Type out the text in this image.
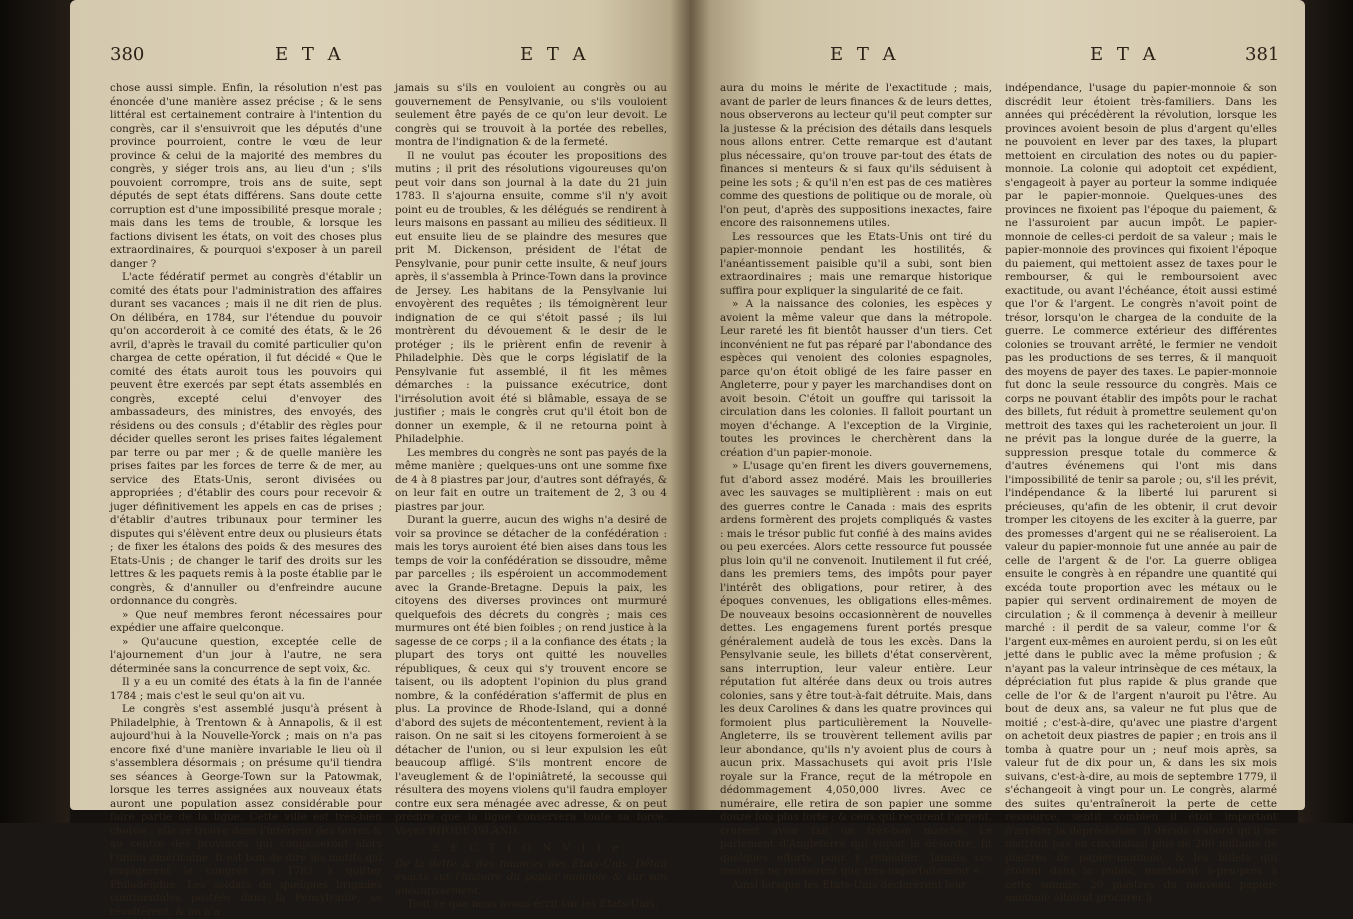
380	E T A	E T A

chose aussi simple. Enfin, la résolution n'est pas énoncée d'une manière assez précise ; & le sens littéral est certainement contraire à l'intention du congrès, car il s'ensuivroit que les députés d'une province pourroient, contre le vœu de leur province & celui de la majorité des membres du congrès, y siéger trois ans, au lieu d'un ; s'ils pouvoient corrompre, trois ans de suite, sept députés de sept états différens. Sans doute cette corruption est d'une impossibilité presque morale ; mais dans les tems de trouble, & lorsque les factions divisent les états, on voit des choses plus extraordinaires, & pourquoi s'exposer à un pareil danger ?

L'acte fédératif permet au congrès d'établir un comité des états pour l'administration des affaires durant ses vacances ; mais il ne dit rien de plus. On délibéra, en 1784, sur l'étendue du pouvoir qu'on accorderoit à ce comité des états, & le 26 avril, d'après le travail du comité particulier qu'on chargea de cette opération, il fut décidé « Que le comité des états auroit tous les pouvoirs qui peuvent être exercés par sept états assemblés en congrès, excepté celui d'envoyer des ambassadeurs, des ministres, des envoyés, des résidens ou des consuls ; d'établir des règles pour décider quelles seront les prises faites légalement par terre ou par mer ; & de quelle manière les prises faites par les forces de terre & de mer, au service des Etats-Unis, seront divisées ou appropriées ; d'établir des cours pour recevoir & juger définitivement les appels en cas de prises ; d'établir d'autres tribunaux pour terminer les disputes qui s'élèvent entre deux ou plusieurs états ; de fixer les étalons des poids & des mesures des Etats-Unis ; de changer le tarif des droits sur les lettres & les paquets remis à la poste établie par le congrès, & d'annuller ou d'enfreindre aucune ordonnance du congrès.

» Que neuf membres feront nécessaires pour expédier une affaire quelconque.

» Qu'aucune question, exceptée celle de l'ajournement d'un jour à l'autre, ne sera déterminée sans la concurrence de sept voix, &c.

Il y a eu un comité des états à la fin de l'année 1784 ; mais c'est le seul qu'on ait vu.

Le congrès s'est assemblé jusqu'à présent à Philadelphie, à Trentown & à Annapolis, & il est aujourd'hui à la Nouvelle-Yorck ; mais on n'a pas encore fixé d'une manière invariable le lieu où il s'assemblera désormais ; on présume qu'il tiendra ses séances à George-Town sur la Patowmak, lorsque les terres assignées aux nouveaux états auront une population assez considérable pour faire partie de la ligue. Cette ville est très-bien choisie : elle se trouve dans l'intérieur des terres & au centre des provinces qui composeront alors l'union américaine. Il est bon de dire les motifs qui engagèrent le congrès en 1783 à quitter Philadelphie. Les soldats de quelques brigades continentales postées dans la Pensylvanie, se révoltèrent, & on n'a

jamais su s'ils en vouloient au congrès ou au gouvernement de Pensylvanie, ou s'ils vouloient seulement être payés de ce qu'on leur devoit. Le congrès qui se trouvoit à la portée des rebelles, montra de l'indignation & de la fermeté.

Il ne voulut pas écouter les propositions des mutins ; il prit des résolutions vigoureuses qu'on peut voir dans son journal à la date du 21 juin 1783. Il s'ajourna ensuite, comme s'il n'y avoit point eu de troubles, & les délégués se rendirent à leurs maisons en passant au milieu des séditieux. Il eut ensuite lieu de se plaindre des mesures que prit M. Dickenson, président de l'état de Pensylvanie, pour punir cette insulte, & neuf jours après, il s'assembla à Prince-Town dans la province de Jersey. Les habitans de la Pensylvanie lui envoyèrent des requêtes ; ils témoignèrent leur indignation de ce qui s'étoit passé ; ils lui montrèrent du dévouement & le desir de le protéger ; ils le prièrent enfin de revenir à Philadelphie. Dès que le corps législatif de la Pensylvanie fut assemblé, il fit les mêmes démarches : la puissance exécutrice, dont l'irrésolution avoit été si blâmable, essaya de se justifier ; mais le congrès crut qu'il étoit bon de donner un exemple, & il ne retourna point à Philadelphie.

Les membres du congrès ne sont pas payés de la même manière ; quelques-uns ont une somme fixe de 4 à 8 piastres par jour, d'autres sont défrayés, & on leur fait en outre un traitement de 2, 3 ou 4 piastres par jour.

Durant la guerre, aucun des wighs n'a desiré de voir sa province se détacher de la confédération : mais les torys auroient été bien aises dans tous les temps de voir la confédération se dissoudre, même par parcelles ; ils espéroient un accommodement avec la Grande-Bretagne. Depuis la paix, les citoyens des diverses provinces ont murmuré quelquefois des décrets du congrès ; mais ces murmures ont été bien foibles ; on rend justice à la sagesse de ce corps ; il a la confiance des états ; la plupart des torys ont quitté les nouvelles républiques, & ceux qui s'y trouvent encore se taisent, ou ils adoptent l'opinion du plus grand nombre, & la confédération s'affermit de plus en plus. La province de Rhode-Island, qui a donné d'abord des sujets de mécontentement, revient à la raison. On ne sait si les citoyens formeroient à se détacher de l'union, ou si leur expulsion les eût beaucoup affligé. S'ils montrent encore de l'aveuglement & de l'opiniâtreté, la secousse qui résultera des moyens violens qu'il faudra employer contre eux sera ménagée avec adresse, & on peut prédire que la ligue conservera toute sa force. Voyez RHODE-ISLAND.

S E C T I O N V I I e.

De la dette & des finances des Etats-Unis. Détail exacts sur l'histoire du papier-monnoie & sur son anéantissement.

Tout ce que nous avons écrit sur les Etats-Unis,

E T A	E T A	381

aura du moins le mérite de l'exactitude ; mais, avant de parler de leurs finances & de leurs dettes, nous observerons au lecteur qu'il peut compter sur la justesse & la précision des détails dans lesquels nous allons entrer. Cette remarque est d'autant plus nécessaire, qu'on trouve par-tout des états de finances si menteurs & si faux qu'ils séduisent à peine les sots ; & qu'il n'en est pas de ces matières comme des questions de politique ou de morale, où l'on peut, d'après des suppositions inexactes, faire encore des raisonnemens utiles.

Les ressources que les Etats-Unis ont tiré du papier-monnoie pendant les hostilités, & l'anéantissement paisible qu'il a subi, sont bien extraordinaires ; mais une remarque historique suffira pour expliquer la singularité de ce fait.

» A la naissance des colonies, les espèces y avoient la même valeur que dans la métropole. Leur rareté les fit bientôt hausser d'un tiers. Cet inconvénient ne fut pas réparé par l'abondance des espèces qui venoient des colonies espagnoles, parce qu'on étoit obligé de les faire passer en Angleterre, pour y payer les marchandises dont on avoit besoin. C'étoit un gouffre qui tarissoit la circulation dans les colonies. Il falloit pourtant un moyen d'échange. A l'exception de la Virginie, toutes les provinces le cherchèrent dans la création d'un papier-monoie.

» L'usage qu'en firent les divers gouvernemens, fut d'abord assez modéré. Mais les brouilleries avec les sauvages se multiplièrent : mais on eut des guerres contre le Canada : mais des esprits ardens formèrent des projets compliqués & vastes : mais le trésor public fut confié à des mains avides ou peu exercées. Alors cette ressource fut poussée plus loin qu'il ne convenoit. Inutilement il fut créé, dans les premiers tems, des impôts pour payer l'intérêt des obligations, pour retirer, à des époques convenues, les obligations elles-mêmes. De nouveaux besoins occasionnèrent de nouvelles dettes. Les engagemens furent portés presque généralement audelà de tous les excès. Dans la Pensylvanie seule, les billets d'état conservèrent, sans interruption, leur valeur entière. Leur réputation fut altérée dans deux ou trois autres colonies, sans y être tout-à-fait détruite. Mais, dans les deux Carolines & dans les quatre provinces qui formoient plus particulièrement la Nouvelle-Angleterre, ils se trouvèrent tellement avilis par leur abondance, qu'ils n'y avoient plus de cours à aucun prix. Massachusets qui avoit pris l'Isle royale sur la France, reçut de la métropole en dédommagement 4,050,000 livres. Avec ce numéraire, elle retira de son papier une somme douze fois plus forte ; & ceux qui reçurent l'argent, crurent avoir fait un très-bon marché. Le parlement d'Angleterre qui voyoit le désordre, fit quelques efforts pour y remédier. Jamais ces mesures ne réussirent que très-imparfaitement ».

Ainsi lorsque les Etats-Unis déclarèrent leur

indépendance, l'usage du papier-monnoie & son discrédit leur étoient très-familiers. Dans les années qui précédèrent la révolution, lorsque les provinces avoient besoin de plus d'argent qu'elles ne pouvoient en lever par des taxes, la plupart mettoient en circulation des notes ou du papier-monnoie. La colonie qui adoptoit cet expédient, s'engageoit à payer au porteur la somme indiquée par le papier-monnoie. Quelques-unes des provinces ne fixoient pas l'époque du paiement, & ne l'assuroient par aucun impôt. Le papier-monnoie de celles-ci perdoit de sa valeur ; mais le papier-monnoie des provinces qui fixoient l'époque du paiement, qui mettoient assez de taxes pour le rembourser, & qui le remboursoient avec exactitude, ou avant l'échéance, étoit aussi estimé que l'or & l'argent. Le congrès n'avoit point de trésor, lorsqu'on le chargea de la conduite de la guerre. Le commerce extérieur des différentes colonies se trouvant arrêté, le fermier ne vendoit pas les productions de ses terres, & il manquoit des moyens de payer des taxes. Le papier-monnoie fut donc la seule ressource du congrès. Mais ce corps ne pouvant établir des impôts pour le rachat des billets, fut réduit à promettre seulement qu'on mettroit des taxes qui les racheteroient un jour. Il ne prévit pas la longue durée de la guerre, la suppression presque totale du commerce & d'autres événemens qui l'ont mis dans l'impossibilité de tenir sa parole ; ou, s'il les prévit, l'indépendance & la liberté lui parurent si précieuses, qu'afin de les obtenir, il crut devoir tromper les citoyens de les exciter à la guerre, par des promesses d'argent qui ne se réaliseroient. La valeur du papier-monnoie fut une année au pair de celle de l'argent & de l'or. La guerre obligea ensuite le congrès à en répandre une quantité qui excéda toute proportion avec les métaux ou le papier qui servent ordinairement de moyen de circulation ; & il commença à devenir à meilleur marché : il perdit de sa valeur, comme l'or & l'argent eux-mêmes en auroient perdu, si on les eût jetté dans le public avec la même profusion ; & n'ayant pas la valeur intrinsèque de ces métaux, la dépréciation fut plus rapide & plus grande que celle de l'or & de l'argent n'auroit pu l'être. Au bout de deux ans, sa valeur ne fut plus que de moitié ; c'est-à-dire, qu'avec une piastre d'argent on achetoit deux piastres de papier ; en trois ans il tomba à quatre pour un ; neuf mois après, sa valeur fut de dix pour un, & dans les six mois suivans, c'est-à-dire, au mois de septembre 1779, il s'échangeoit à vingt pour un. Le congrès, alarmé des suites qu'entraîneroit la perte de cette ressource, sentit combien il étoit important d'arrêter la dépréciation. Il décida d'abord qu'il ne mettroit pas en circulation plus de 200 millions de piastres de papier-monnoie, & les billets qui étoient dans le public, montoient à-peu-près à cette somme. 20 piastres du nouveau papier-monnoie alloient procurer à
